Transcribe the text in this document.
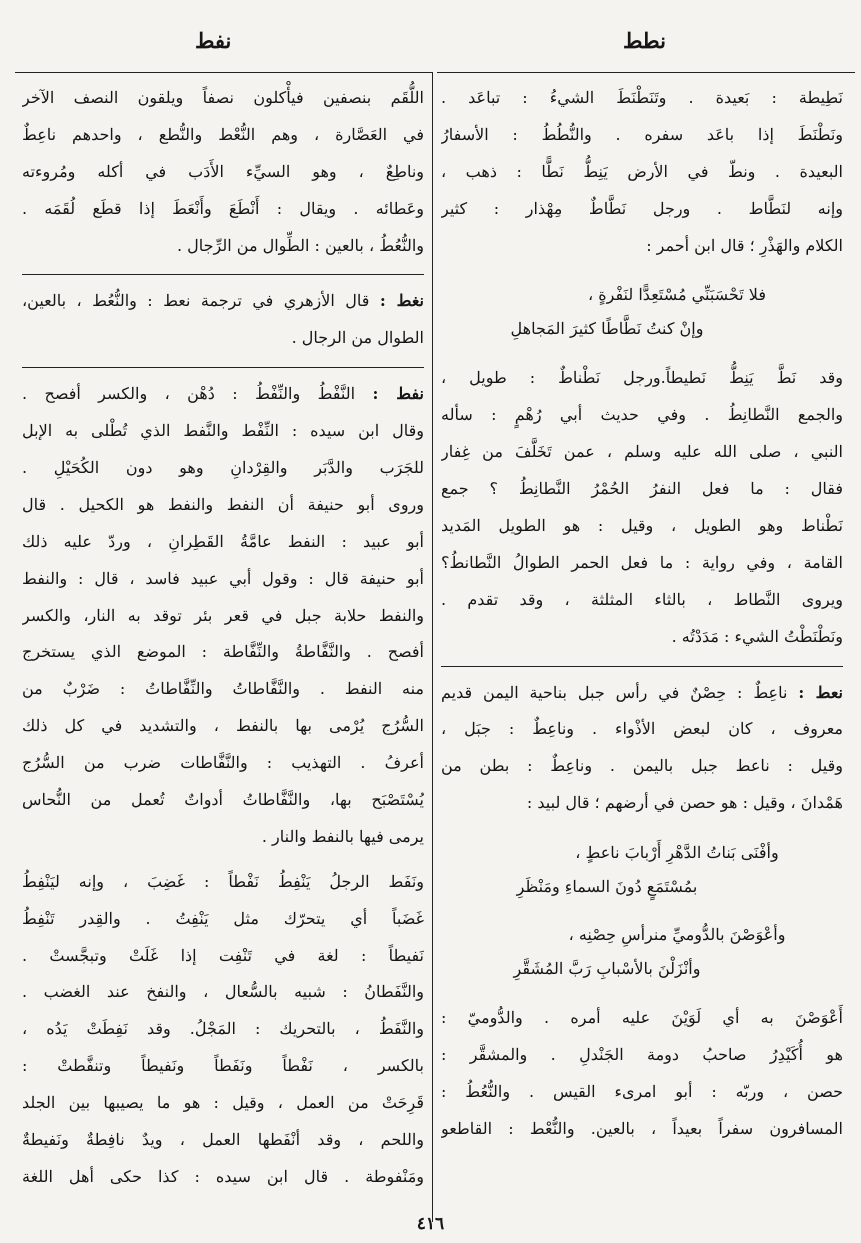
نطط
نفط
نَطِيطة : بَعيدة . وتَنَطْنَطَ الشيءُ : تباعَد .
ونَطْنَطَ إذا باعَد سفره . والنُّطُطُ : الأسفارُ
البعيدة . ونطّ في الأرض يَنِطُّ نَطًّا : ذهب ،
وإنه لنَطَّاط . ورجل نَطَّاطٌ مِهْذار : كثير
الكلام والهَذْرِ ؛ قال ابن أحمر :
فلا تَحْسَبَنِّي مُسْتَعِدًّا لنَفْرةٍ ،
وإنْ كنتُ نَطَّاطًا كثيرَ المَجاهلِ
وقد نَطَّ يَنِطُّ نَطيطاً.ورجل نَطْناطٌ : طويل ،
والجمع النَّطانِطُ . وفي حديث أبي رُهْمٍ : سأله
النبي ، صلى الله عليه وسلم ، عمن تَخَلَّفَ من غِفار
فقال : ما فعل النفرُ الحُمْرُ النَّطانِطُ ؟ جمع
نَطْناط وهو الطويل ، وقيل : هو الطويل المَديد
القامة ، وفي رواية : ما فعل الحمر الطوالُ النَّطانطُ؟
ويروى النَّطاط ، بالثاء المثلثة ، وقد تقدم .
ونَطْنَطْتُ الشيء : مَدَدْتُه .
نعط : ناعِطٌ : حِصْنٌ في رأس جبل بناحية اليمن قديم
معروف ، كان لبعض الأذْواء . وناعِطٌ : جبَل ،
وقيل : ناعط جبل باليمن . وناعِطٌ : بطن من
هَمْدانَ ، وقيل : هو حصن في أرضهم ؛ قال لبيد :
وأفْنَى بَناتُ الدَّهْرِ أَرْبابَ ناعطٍ ،
بمُسْتَمَعٍ دُونَ السماءِ ومَنْظَرِ
وأعْوَصْنَ بالدُّوميِّ منرأسِ حِصْنِه ،
وأنْزَلْنَ بالأسْبابِ رَبَّ المُشَقَّرِ
أَعْوَصْنَ به أي لَوَيْنَ عليه أمره . والدُّوميّ :
هو أُكَيْدِرُ صاحبُ دومة الجَنْدلِ . والمشقَّر :
حصن ، وربّه : أبو امرىء القيس . والنُّعُطُ :
المسافرون سفراً بعيداً ، بالعين. والنُّعْط : القاطعو
اللُّقَم بنصفين فيأْكلون نصفاً ويلقون النصف الآخر
في العَصَّارة ، وهم النُّعْط والنُّطع ، واحدهم ناعِطٌ
وناطِعٌ ، وهو السيِّء الأَدَب في أكله ومُروءته
وعَطائه . ويقال : أَنْطَعَ وأَنْعَطَ إذا قطَع لُقَمَه .
والنُّعُطُ ، بالعين : الطِّوال من الرِّجال .
نغط : قال الأزهري في ترجمة نعط : والنُّعُط ، بالعين،
الطوال من الرجال .
نفط : النَّفْطُ والنِّفْطُ : دُهْن ، والكسر أفصح .
وقال ابن سيده : النِّفْط والنَّفط الذي تُطْلى به الإبل
للجَرَب والدَّبَر والقِرْدانِ وهو دون الكُحَيْلِ .
وروى أبو حنيفة أن النفط والنفط هو الكحيل . قال
أبو عبيد : النفط عامَّةُ القَطِرانِ ، وردّ عليه ذلك
أبو حنيفة قال : وقول أبي عبيد فاسد ، قال : والنفط
والنفط حلابة جبل في قعر بئر توقد به النار، والكسر
أفصح . والنَّفَّاطةُ والنِّفَّاطة : الموضع الذي يستخرج
منه النفط . والنَّفَّاطاتُ والنِّفَّاطاتُ : ضَرْبٌ من
السُّرُج يُرْمى بها بالنفط ، والتشديد في كل ذلك
أعرفُ . التهذيب : والنَّفَّاطات ضرب من السُّرُج
يُسْتَصْبَح بها، والنَّفَّاطاتُ أدواتٌ تُعمل من النُّحاس
يرمى فيها بالنفط والنار .
ونَفَط الرجلُ يَنْفِطُ نَفْطاً : غَضِبَ ، وإنه ليَنْفِطُ
غَضَباً أي يتحرّك مثل يَنْفِتُ . والقِدر تَنْفِطُ
نَفيطاً : لغة في تَنْفِت إذا غَلَتْ وتبجَّستْ .
والنَّفَطانُ : شبيه بالسُّعال ، والنفخ عند الغضب .
والنَّفَطُ ، بالتحريك : المَجْلُ. وقد نَفِطَتْ يَدُه ،
بالكسر ، نَفْطاً ونَفَطاً ونَفيطاً وتنفَّطتْ :
قَرِحَتْ من العمل ، وقيل : هو ما يصيبها بين الجلد
واللحم ، وقد أنْفَطها العمل ، ويدٌ نافِطةٌ ونَفيطةٌ
ومَنْفوطة . قال ابن سيده : كذا حكى أهل اللغة
٤١٦
